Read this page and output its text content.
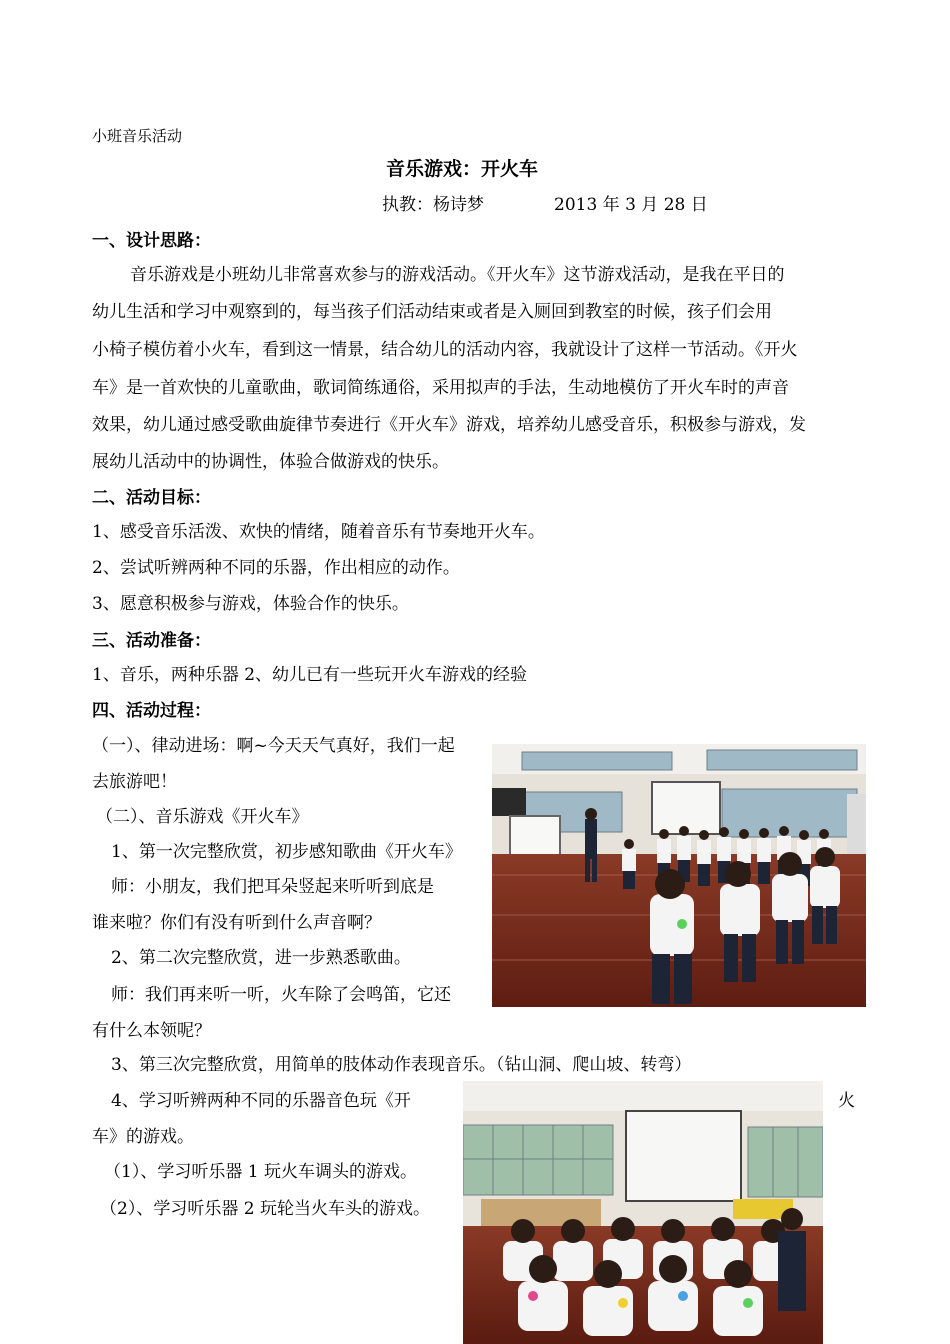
小班音乐活动
音乐游戏：开火车
执教：杨诗梦	2013 年 3 月 28 日
一、设计思路：
音乐游戏是小班幼儿非常喜欢参与的游戏活动。《开火车》这节游戏活动，是我在平日的
幼儿生活和学习中观察到的，每当孩子们活动结束或者是入厕回到教室的时候，孩子们会用
小椅子模仿着小火车，看到这一情景，结合幼儿的活动内容，我就设计了这样一节活动。《开火
车》是一首欢快的儿童歌曲，歌词简练通俗，采用拟声的手法，生动地模仿了开火车时的声音
效果，幼儿通过感受歌曲旋律节奏进行《开火车》游戏，培养幼儿感受音乐，积极参与游戏，发
展幼儿活动中的协调性，体验合做游戏的快乐。
二、活动目标：
1、感受音乐活泼、欢快的情绪，随着音乐有节奏地开火车。
2、尝试听辨两种不同的乐器，作出相应的动作。
3、愿意积极参与游戏，体验合作的快乐。
三、活动准备：
1、音乐，两种乐器 2、幼儿已有一些玩开火车游戏的经验
四、活动过程：
（一）、律动进场：啊~今天天气真好，我们一起
去旅游吧！
（二）、音乐游戏《开火车》
1、第一次完整欣赏，初步感知歌曲《开火车》
师：小朋友，我们把耳朵竖起来听听到底是
谁来啦？你们有没有听到什么声音啊？
2、第二次完整欣赏，进一步熟悉歌曲。
师：我们再来听一听，火车除了会鸣笛，它还
有什么本领呢？
3、第三次完整欣赏，用简单的肢体动作表现音乐。（钻山洞、爬山坡、转弯）
4、学习听辨两种不同的乐器音色玩《开	火
车》的游戏。
（1）、学习听乐器 1 玩火车调头的游戏。
（2）、学习听乐器 2 玩轮当火车头的游戏。
